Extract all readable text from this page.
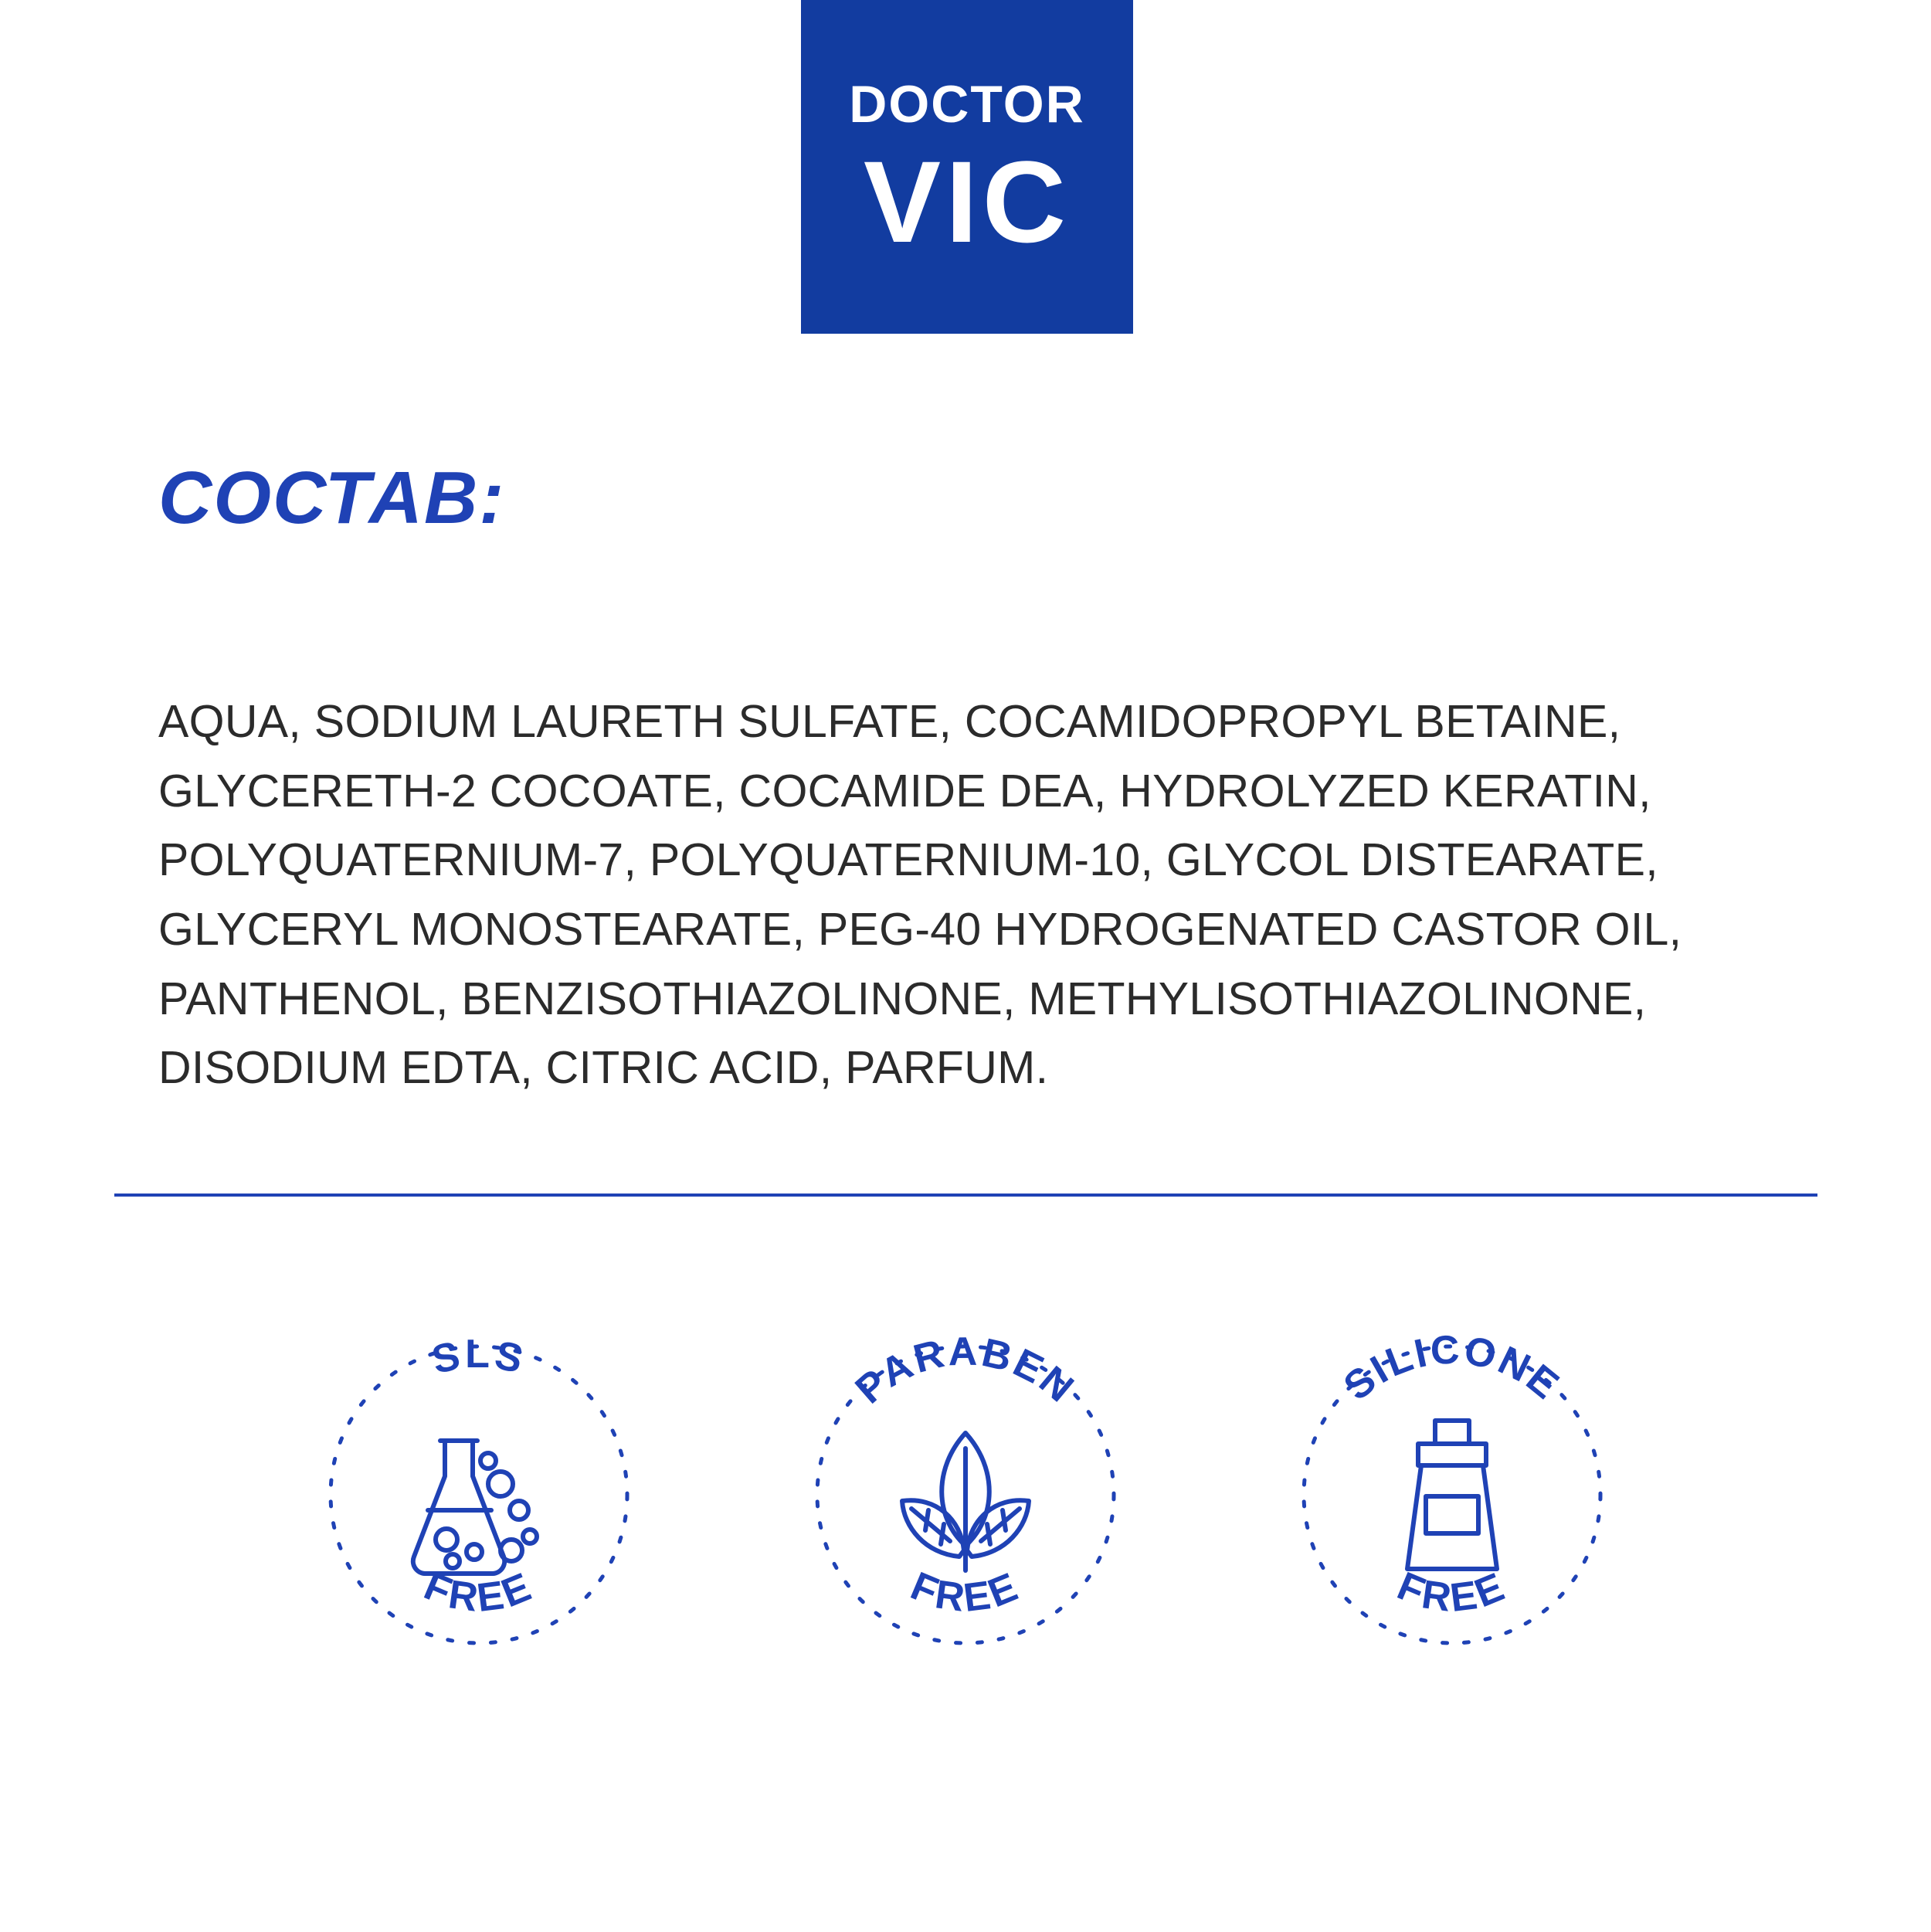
DOCTOR
VIC
СОСТАВ:
AQUA, SODIUM LAURETH SULFATE, COCAMIDOPROPYL BETAINE, GLYCERETH-2 COCOATE, COCAMIDE DEA, HYDROLYZED KERATIN, POLYQUATERNIUM-7, POLYQUATERNIUM-10, GLYCOL DISTEARATE, GLYCERYL MONOSTEARATE, PEG-40 HYDROGENATED CASTOR OIL, PANTHENOL, BENZISOTHIAZOLINONE, METHYLISOTHIAZOLINONE, DISODIUM EDTA, CITRIC ACID, PARFUM.
SLS
FREE
PARABEN
FREE
SILICONE
FREE
